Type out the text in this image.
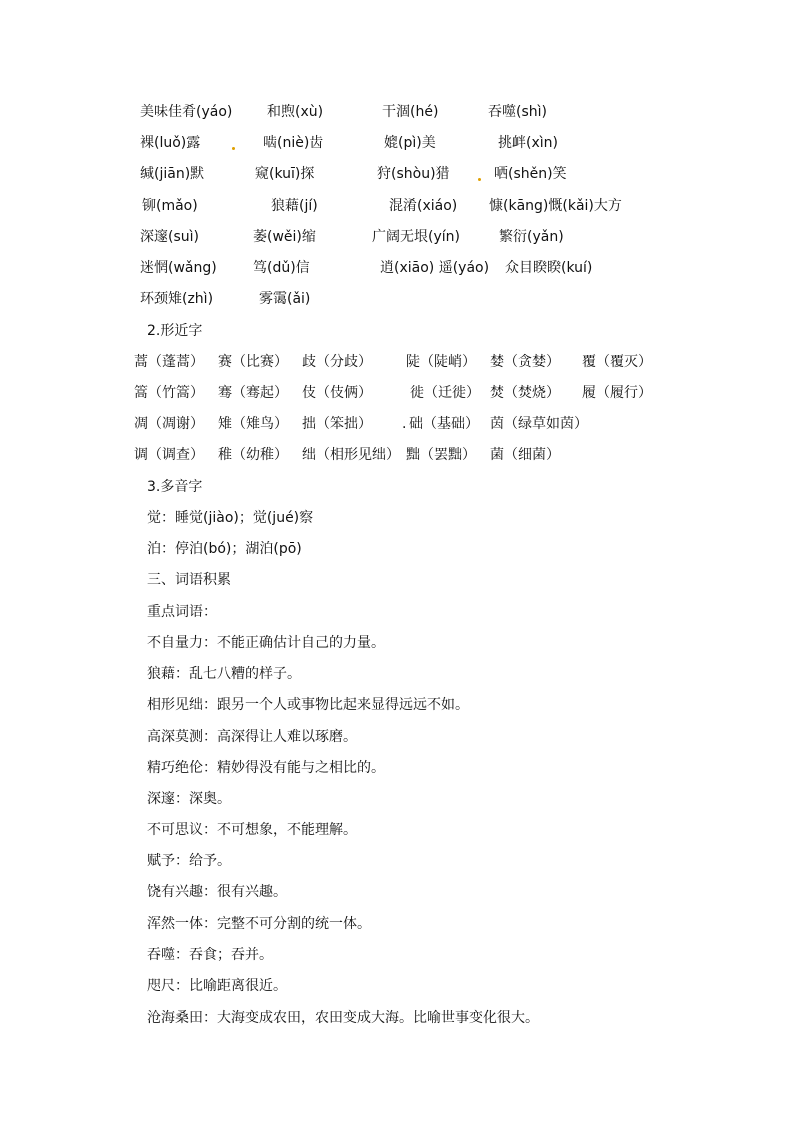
美味佳肴(yáo) 和煦(xù)	干涸(hé)	吞噬(shì)
裸(luǒ)露	啮(niè)齿	媲(pì)美	挑衅(xìn)
缄(jiān)默	窥(kuī)探	狩(shòu)猎	哂(shěn)笑
铆(mǎo)	狼藉(jí)	混淆(xiáo) 慷(kāng)慨(kǎi)大方
深邃(suì)	萎(wěi)缩	广阔无垠(yín)	繁衍(yǎn)
迷惘(wǎng)	笃(dǔ)信	逍(xiāo) 遥(yáo) 众目睽睽(kuí)
环颈雉(zhì)	雾霭(ǎi)
2.形近字
蒿（蓬蒿） 赛（比赛） 歧（分歧） 陡（陡峭） 婪（贪婪） 覆（覆灭）
篙（竹篙） 骞（骞起） 伎（伎俩）	徙（迁徙） 焚（焚烧） 履（履行）
凋（凋谢） 雉（雉鸟） 拙（笨拙） . 础（基础） 茵（绿草如茵）
调（调查） 稚（幼稚） 绌（相形见绌） 黜（罢黜） 菌（细菌）
3.多音字
觉：睡觉(jiào)；觉(jué)察
泊：停泊(bó)；湖泊(pō)
三、词语积累
重点词语：
不自量力：不能正确估计自己的力量。
狼藉：乱七八糟的样子。
相形见绌：跟另一个人或事物比起来显得远远不如。
高深莫测：高深得让人难以琢磨。
精巧绝伦：精妙得没有能与之相比的。
深邃：深奥。
不可思议：不可想象，不能理解。
赋予：给予。
饶有兴趣：很有兴趣。
浑然一体：完整不可分割的统一体。
吞噬：吞食；吞并。
咫尺：比喻距离很近。
沧海桑田：大海变成农田，农田变成大海。比喻世事变化很大。
